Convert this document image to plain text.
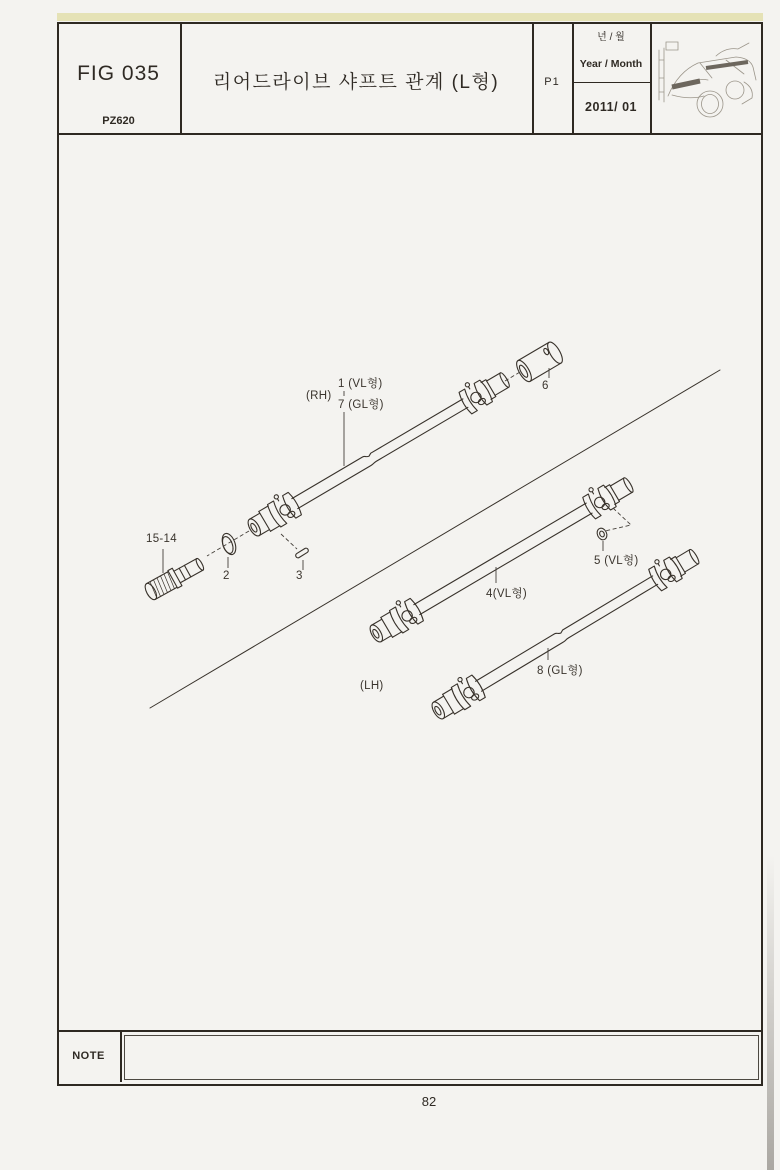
FIG 035
PZ620
리어드라이브 샤프트 관계 (L형)	P1
년 / 월
Year / Month
2011/ 01
NOTE
82
(RH)
1 (VL형)
7 (GL형)
6
15-14
2	3
4(VL형)
5 (VL형)
(LH)
8 (GL형)
